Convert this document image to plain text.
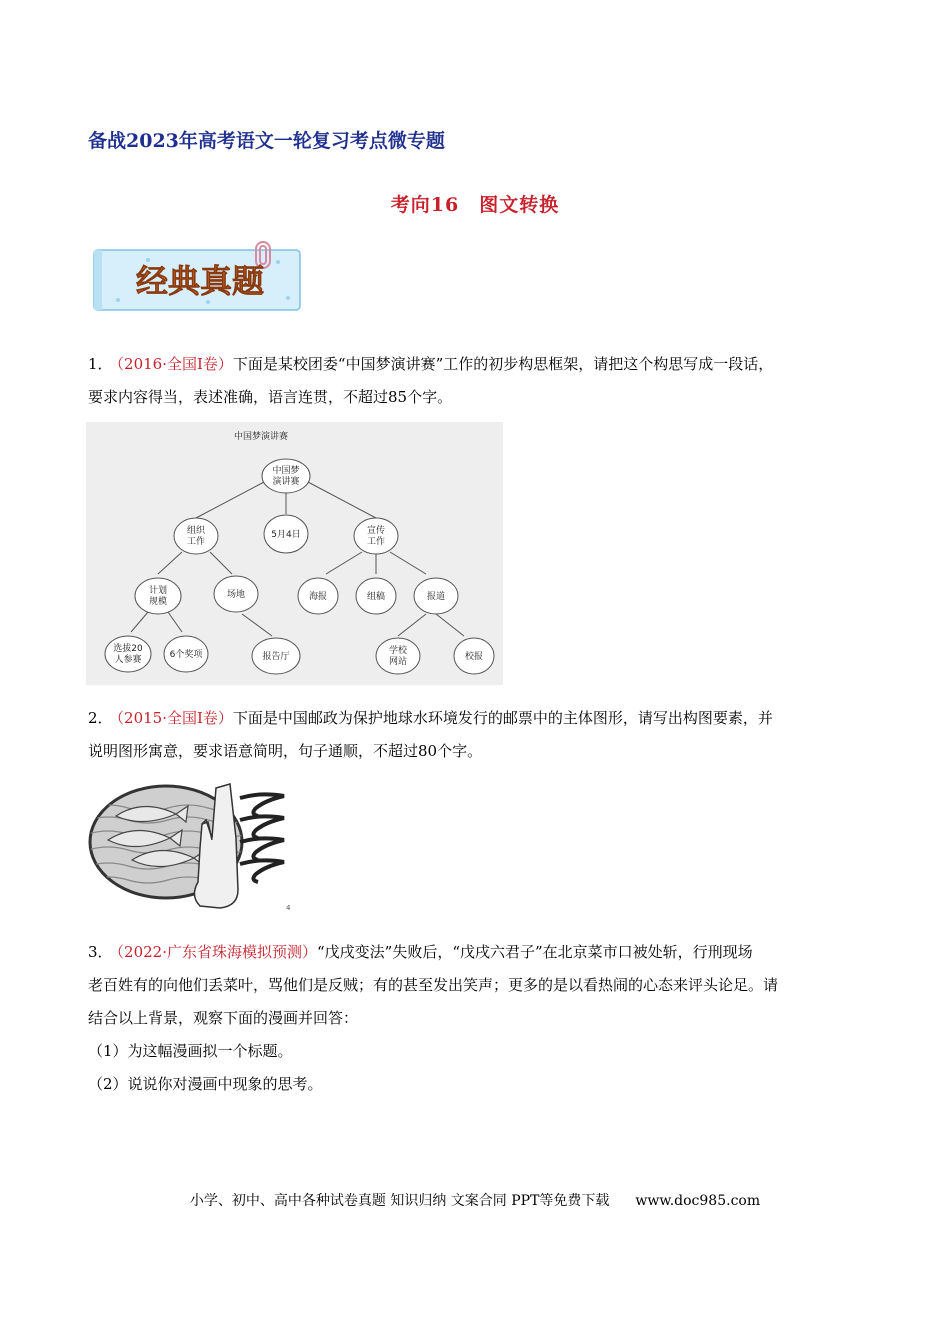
备战2023年高考语文一轮复习考点微专题
考向16　图文转换
经典真题
1． （2016·全国I卷）下面是某校团委“中国梦演讲赛”工作的初步构思框架，请把这个构思写成一段话，
要求内容得当，表述准确，语言连贯，不超过85个字。
中国梦演讲赛
中国梦演讲赛
5月4日
组织工作
宣传工作
计划规模
场地	海报	组稿	报道
选拔20 人参赛	6个奖项	报告厅
学校网站	校报
2． （2015·全国I卷）下面是中国邮政为保护地球水环境发行的邮票中的主体图形，请写出构图要素，并
说明图形寓意，要求语意简明，句子通顺，不超过80个字。
4
3． （2022·广东省珠海模拟预测）“戊戌变法”失败后，“戊戌六君子”在北京菜市口被处斩，行刑现场
老百姓有的向他们丢菜叶，骂他们是反贼；有的甚至发出笑声；更多的是以看热闹的心态来评头论足。请
结合以上背景，观察下面的漫画并回答：
（1）为这幅漫画拟一个标题。
（2）说说你对漫画中现象的思考。
小学、初中、高中各种试卷真题 知识归纳 文案合同 PPT等免费下载 www.doc985.com
